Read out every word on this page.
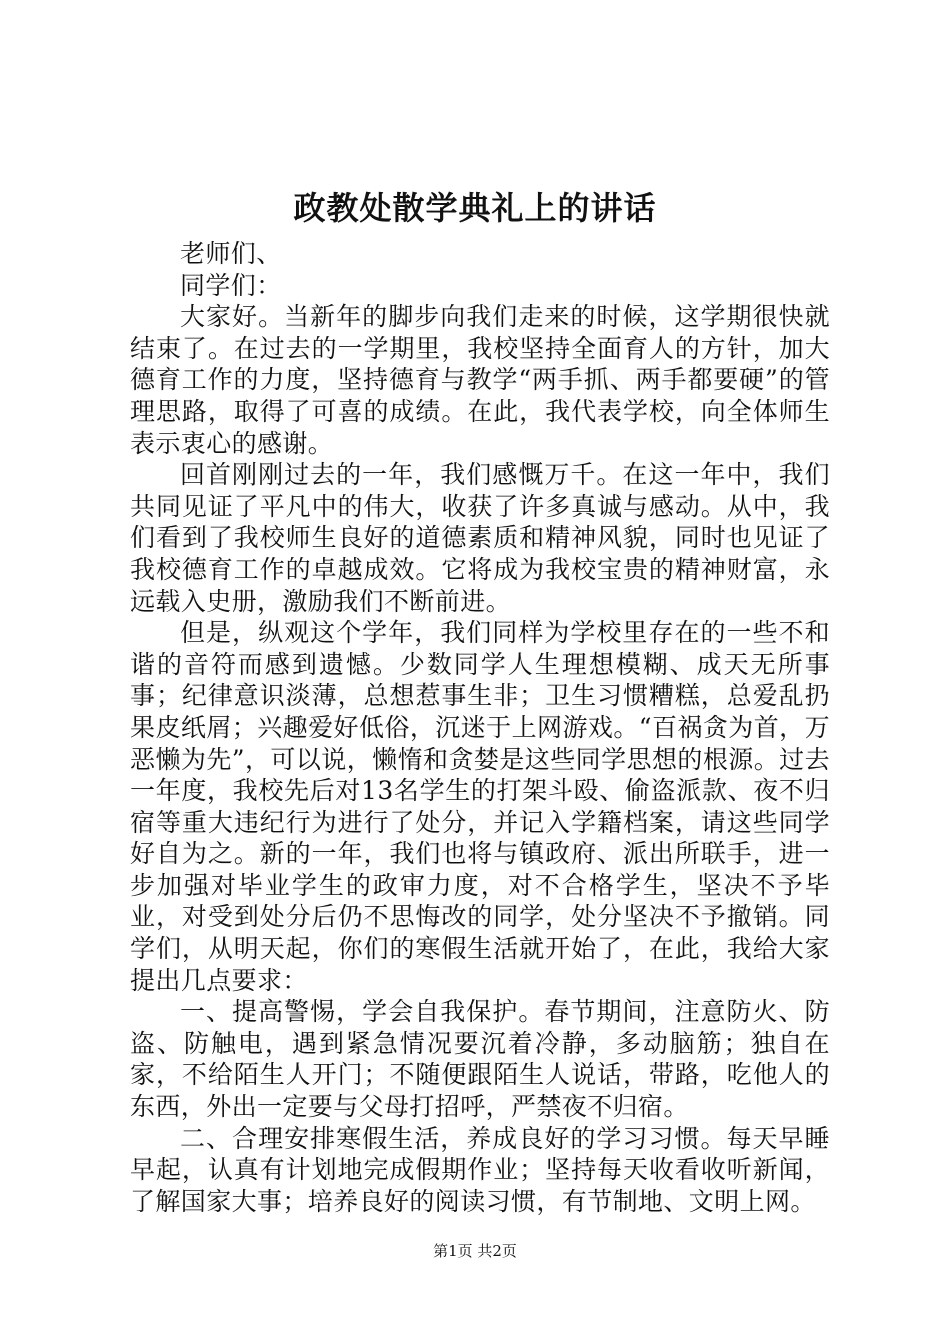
政教处散学典礼上的讲话

老师们、

同学们：

大家好。当新年的脚步向我们走来的时候，这学期很快就结束了。在过去的一学期里，我校坚持全面育人的方针，加大德育工作的力度，坚持德育与教学“两手抓、两手都要硬”的管理思路，取得了可喜的成绩。在此，我代表学校，向全体师生表示衷心的感谢。

回首刚刚过去的一年，我们感慨万千。在这一年中，我们共同见证了平凡中的伟大，收获了许多真诚与感动。从中，我们看到了我校师生良好的道德素质和精神风貌，同时也见证了我校德育工作的卓越成效。它将成为我校宝贵的精神财富，永远载入史册，激励我们不断前进。

但是，纵观这个学年，我们同样为学校里存在的一些不和谐的音符而感到遗憾。少数同学人生理想模糊、成天无所事事；纪律意识淡薄，总想惹事生非；卫生习惯糟糕，总爱乱扔果皮纸屑；兴趣爱好低俗，沉迷于上网游戏。“百祸贪为首，万恶懒为先”，可以说，懒惰和贪婪是这些同学思想的根源。过去一年度，我校先后对13名学生的打架斗殴、偷盗派款、夜不归宿等重大违纪行为进行了处分，并记入学籍档案，请这些同学好自为之。新的一年，我们也将与镇政府、派出所联手，进一步加强对毕业学生的政审力度，对不合格学生，坚决不予毕业，对受到处分后仍不思悔改的同学，处分坚决不予撤销。同学们，从明天起，你们的寒假生活就开始了，在此，我给大家提出几点要求：

一、提高警惕，学会自我保护。春节期间，注意防火、防盗、防触电，遇到紧急情况要沉着冷静，多动脑筋；独自在家，不给陌生人开门；不随便跟陌生人说话，带路，吃他人的东西，外出一定要与父母打招呼，严禁夜不归宿。

二、合理安排寒假生活，养成良好的学习习惯。每天早睡早起，认真有计划地完成假期作业；坚持每天收看收听新闻，了解国家大事；培养良好的阅读习惯，有节制地、文明上网。

第1页 共2页
